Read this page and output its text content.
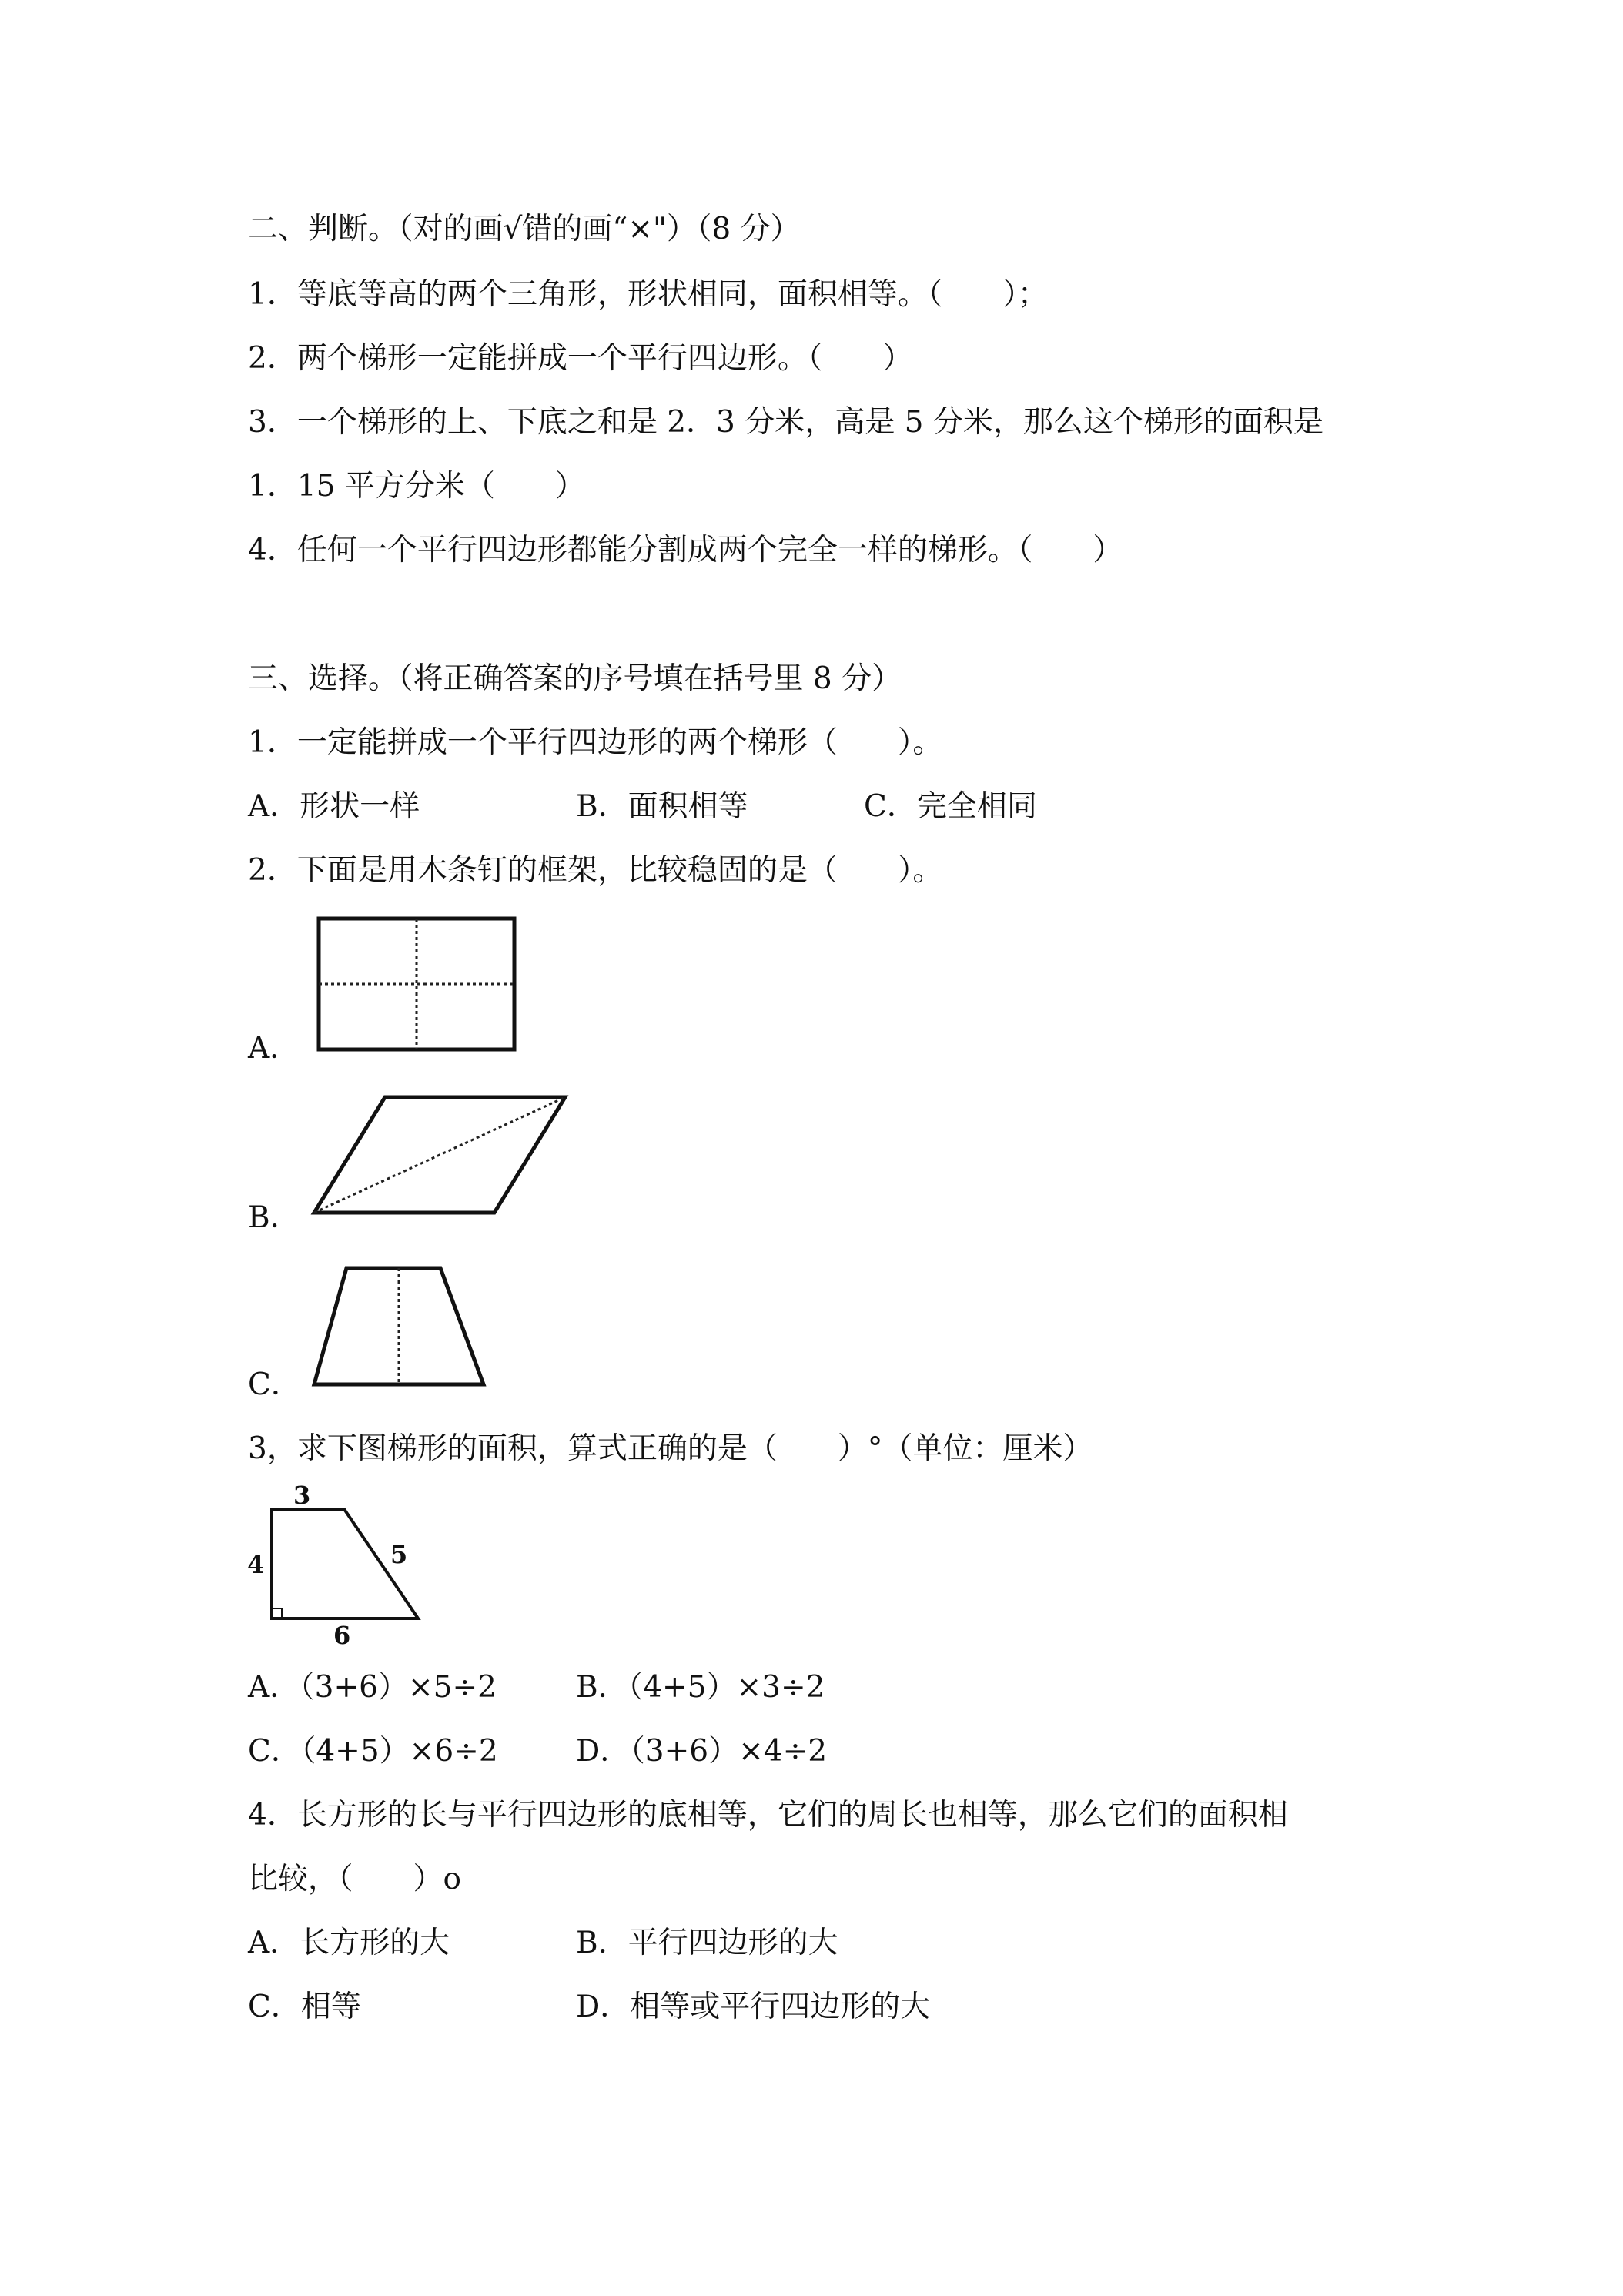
二、判断。（对的画√错的画“×"）（8 分）
1．等底等高的两个三角形，形状相同，面积相等。（　　）；
2．两个梯形一定能拼成一个平行四边形。（　　）
3．一个梯形的上、下底之和是 2．3 分米，高是 5 分米，那么这个梯形的面积是
1．15 平方分米（　　）
4．任何一个平行四边形都能分割成两个完全一样的梯形。（　　）
三、选择。（将正确答案的序号填在括号里 8 分）
1．一定能拼成一个平行四边形的两个梯形（　　）。
A．形状一样	B．面积相等	C．完全相同
2．下面是用木条钉的框架，比较稳固的是（　　）。
A．
B．
C．
3，求下图梯形的面积，算式正确的是（　　）°（单位：厘米）
3
4	5
6
A．（3+6）×5÷2	B．（4+5）×3÷2
C．（4+5）×6÷2	D．（3+6）×4÷2
4．长方形的长与平行四边形的底相等，它们的周长也相等，那么它们的面积相
比较，（　　）o
A．长方形的大	B．平行四边形的大
C．相等	D．相等或平行四边形的大
